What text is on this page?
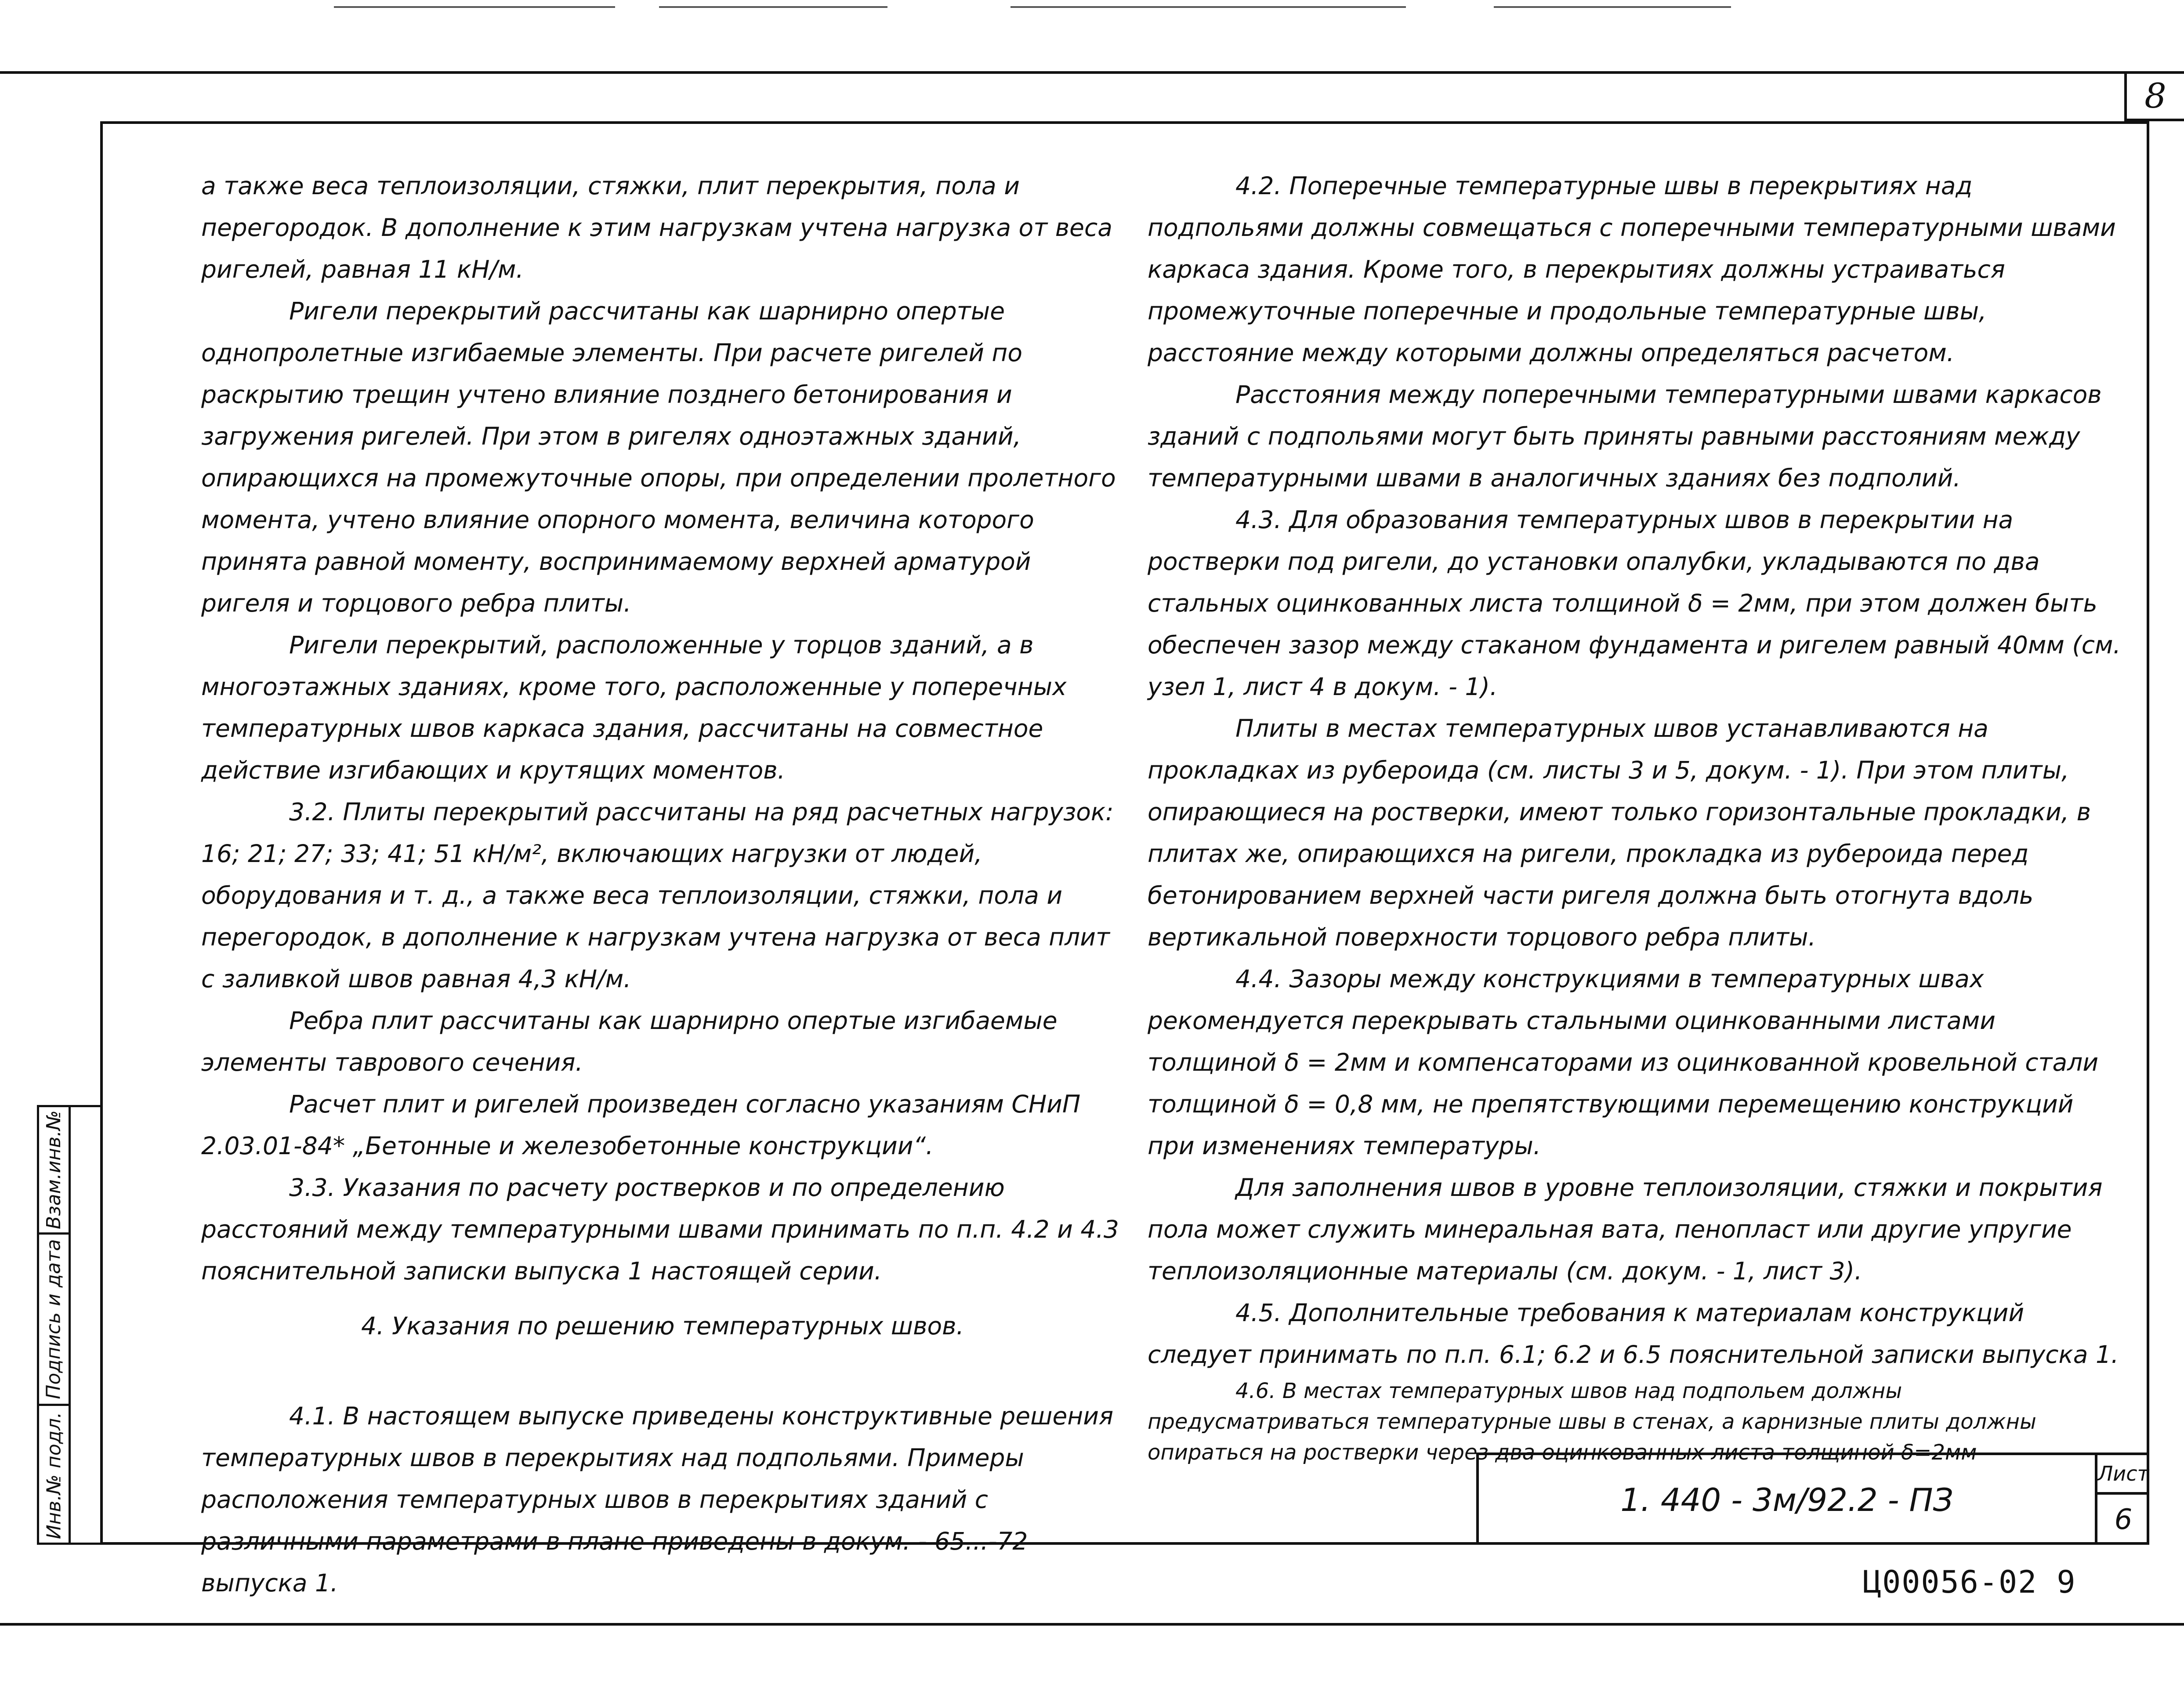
8
Взам.инв.№
Подпись и дата
Инв.№ подл.

а также веса теплоизоляции, стяжки, плит перекрытия, пола и перегородок. В дополнение к этим нагрузкам учтена нагрузка от веса ригелей, равная 11 кН/м.

Ригели перекрытий рассчитаны как шарнирно опертые однопролетные изгибаемые элементы. При расчете ригелей по раскрытию трещин учтено влияние позднего бетонирования и загружения ригелей. При этом в ригелях одноэтажных зданий, опирающихся на промежуточные опоры, при определении пролетного момента, учтено влияние опорного момента, величина которого принята равной моменту, воспринимаемому верхней арматурой ригеля и торцового ребра плиты.

Ригели перекрытий, расположенные у торцов зданий, а в многоэтажных зданиях, кроме того, расположенные у поперечных температурных швов каркаса здания, рассчитаны на совместное действие изгибающих и крутящих моментов.

3.2. Плиты перекрытий рассчитаны на ряд расчетных нагрузок: 16; 21; 27; 33; 41; 51 кН/м², включающих нагрузки от людей, оборудования и т. д., а также веса теплоизоляции, стяжки, пола и перегородок, в дополнение к нагрузкам учтена нагрузка от веса плит с заливкой швов равная 4,3 кН/м.

Ребра плит рассчитаны как шарнирно опертые изгибаемые элементы таврового сечения.

Расчет плит и ригелей произведен согласно указаниям СНиП 2.03.01-84* „Бетонные и железобетонные конструкции“.

3.3. Указания по расчету ростверков и по определению расстояний между температурными швами принимать по п.п. 4.2 и 4.3 пояснительной записки выпуска 1 настоящей серии.

4. Указания по решению температурных швов.

4.1. В настоящем выпуске приведены конструктивные решения температурных швов в перекрытиях над подпольями. Примеры расположения температурных швов в перекрытиях зданий с различными параметрами в плане приведены в докум. - 65...-72 выпуска 1.

4.2. Поперечные температурные швы в перекрытиях над подпольями должны совмещаться с поперечными температурными швами каркаса здания. Кроме того, в перекрытиях должны устраиваться промежуточные поперечные и продольные температурные швы, расстояние между которыми должны определяться расчетом.

Расстояния между поперечными температурными швами каркасов зданий с подпольями могут быть приняты равными расстояниям между температурными швами в аналогичных зданиях без подполий.

4.3. Для образования температурных швов в перекрытии на ростверки под ригели, до установки опалубки, укладываются по два стальных оцинкованных листа толщиной δ = 2мм, при этом должен быть обеспечен зазор между стаканом фундамента и ригелем равный 40мм (см. узел 1, лист 4 в докум. - 1).

Плиты в местах температурных швов устанавливаются на прокладках из рубероида (см. листы 3 и 5, докум. - 1). При этом плиты, опирающиеся на ростверки, имеют только горизонтальные прокладки, в плитах же, опирающихся на ригели, прокладка из рубероида перед бетонированием верхней части ригеля должна быть отогнута вдоль вертикальной поверхности торцового ребра плиты.

4.4. Зазоры между конструкциями в температурных швах рекомендуется перекрывать стальными оцинкованными листами толщиной δ = 2мм и компенсаторами из оцинкованной кровельной стали толщиной δ = 0,8 мм, не препятствующими перемещению конструкций при изменениях температуры.

Для заполнения швов в уровне теплоизоляции, стяжки и покрытия пола может служить минеральная вата, пенопласт или другие упругие теплоизоляционные материалы (см. докум. - 1, лист 3).

4.5. Дополнительные требования к материалам конструкций следует принимать по п.п. 6.1; 6.2 и 6.5 пояснительной записки выпуска 1.

4.6. В местах температурных швов над подпольем должны предусматриваться температурные швы в стенах, а карнизные плиты должны опираться на ростверки через два оцинкованных листа толщиной δ=2мм

1. 440 - 3м/92.2 - ПЗ
Лист
6
Ц00056-02 9
